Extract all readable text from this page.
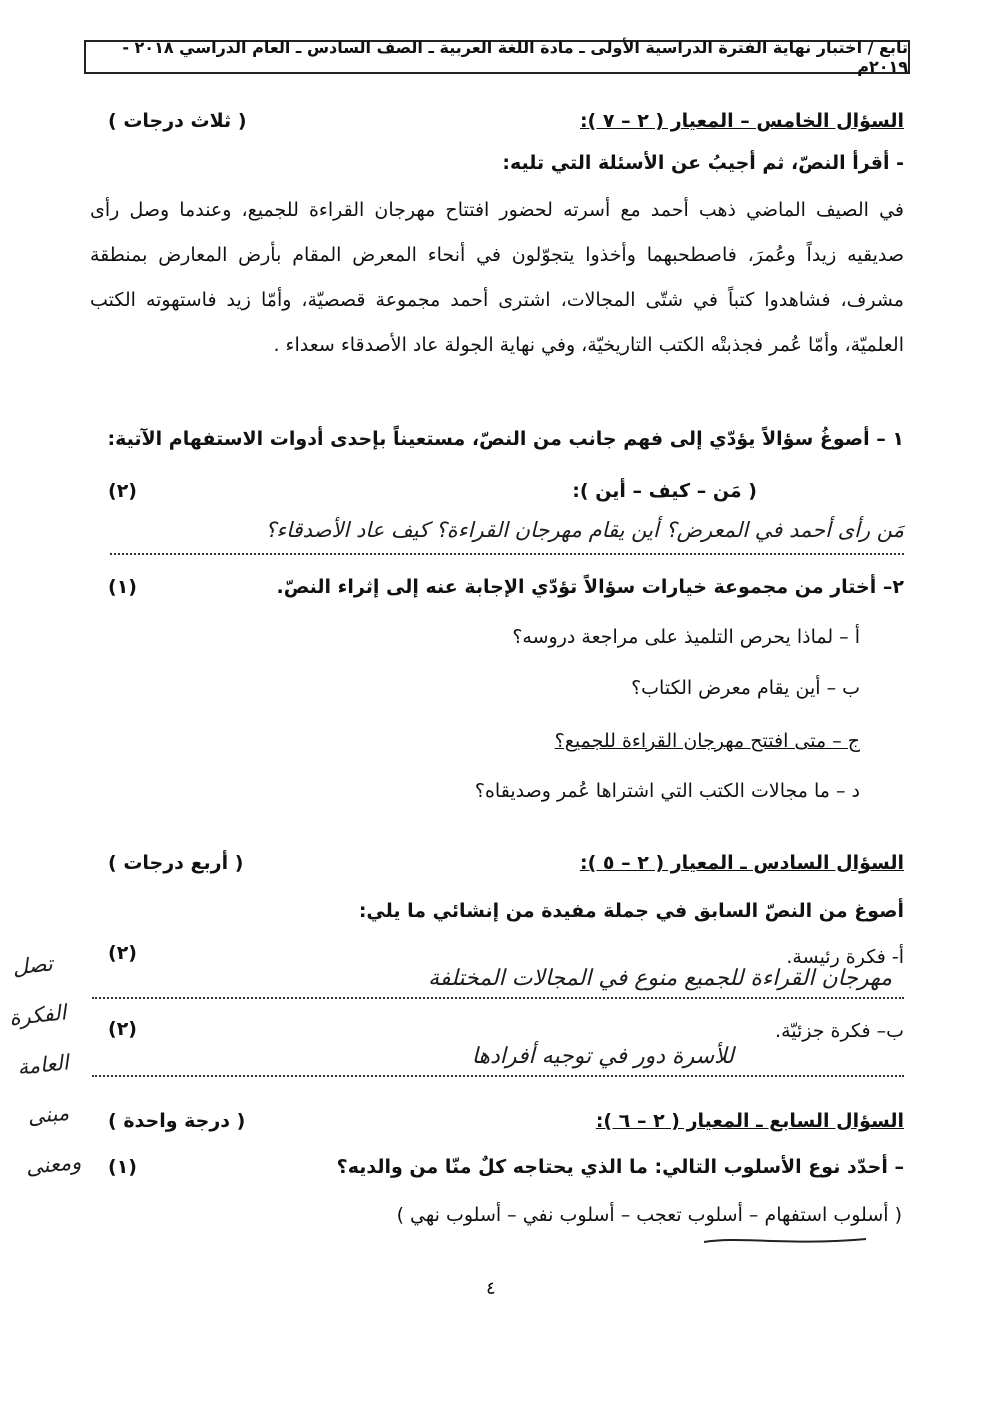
تابع / اختبار نهاية الفترة الدراسية الأولى ـ مادة اللغة العربية ـ الصف السادس ـ العام الدراسي ٢٠١٨ - ٢٠١٩م
السؤال الخامس – المعيار ( ٢ – ٧ ):
( ثلاث درجات )
- أقرأ النصّ، ثم أجيبُ عن الأسئلة التي تليه:
في الصيف الماضي ذهب أحمد مع أسرته لحضور افتتاح مهرجان القراءة للجميع، وعندما وصل رأى صديقيه زيداً وعُمرَ، فاصطحبهما وأخذوا يتجوّلون في أنحاء المعرض المقام بأرض المعارض بمنطقة مشرف، فشاهدوا كتباً في شتّى المجالات، اشترى أحمد مجموعة قصصيّة، وأمّا زيد فاستهوته الكتب العلميّة، وأمّا عُمر فجذبتْه الكتب التاريخيّة، وفي نهاية الجولة عاد الأصدقاء سعداء .
١ – أصوغُ سؤالاً يؤدّي إلى فهم جانب من النصّ، مستعيناً بإحدى أدوات الاستفهام الآتية:
( مَن – كيف – أين ):
(٢)
مَن رأى أحمد في المعرض؟ أين يقام مهرجان القراءة؟ كيف عاد الأصدقاء؟
٢– أختار من مجموعة خيارات سؤالاً تؤدّي الإجابة عنه إلى إثراء النصّ.
(١)
أ – لماذا يحرص التلميذ على مراجعة دروسه؟
ب – أين يقام معرض الكتاب؟
ج – متى افتتح مهرجان القراءة للجميع؟
د – ما مجالات الكتب التي اشتراها عُمر وصديقاه؟
السؤال السادس ـ المعيار ( ٢ – ٥ ):
( أربع درجات )
أصوغ من النصّ السابق في جملة مفيدة من إنشائي ما يلي:
أ- فكرة رئيسة.
(٢)
مهرجان القراءة للجميع منوع في المجالات المختلفة
ب– فكرة جزئيّة.
(٢)
للأسرة دور في توجيه أفرادها
تصل الفكرة العامة مبنى ومعنى
السؤال السابع ـ المعيار ( ٢ – ٦ ):
( درجة واحدة )
– أحدّد نوع الأسلوب التالي: ما الذي يحتاجه كلٌ منّا من والديه؟
(١)
( أسلوب استفهام – أسلوب تعجب – أسلوب نفي – أسلوب نهي )
٤
